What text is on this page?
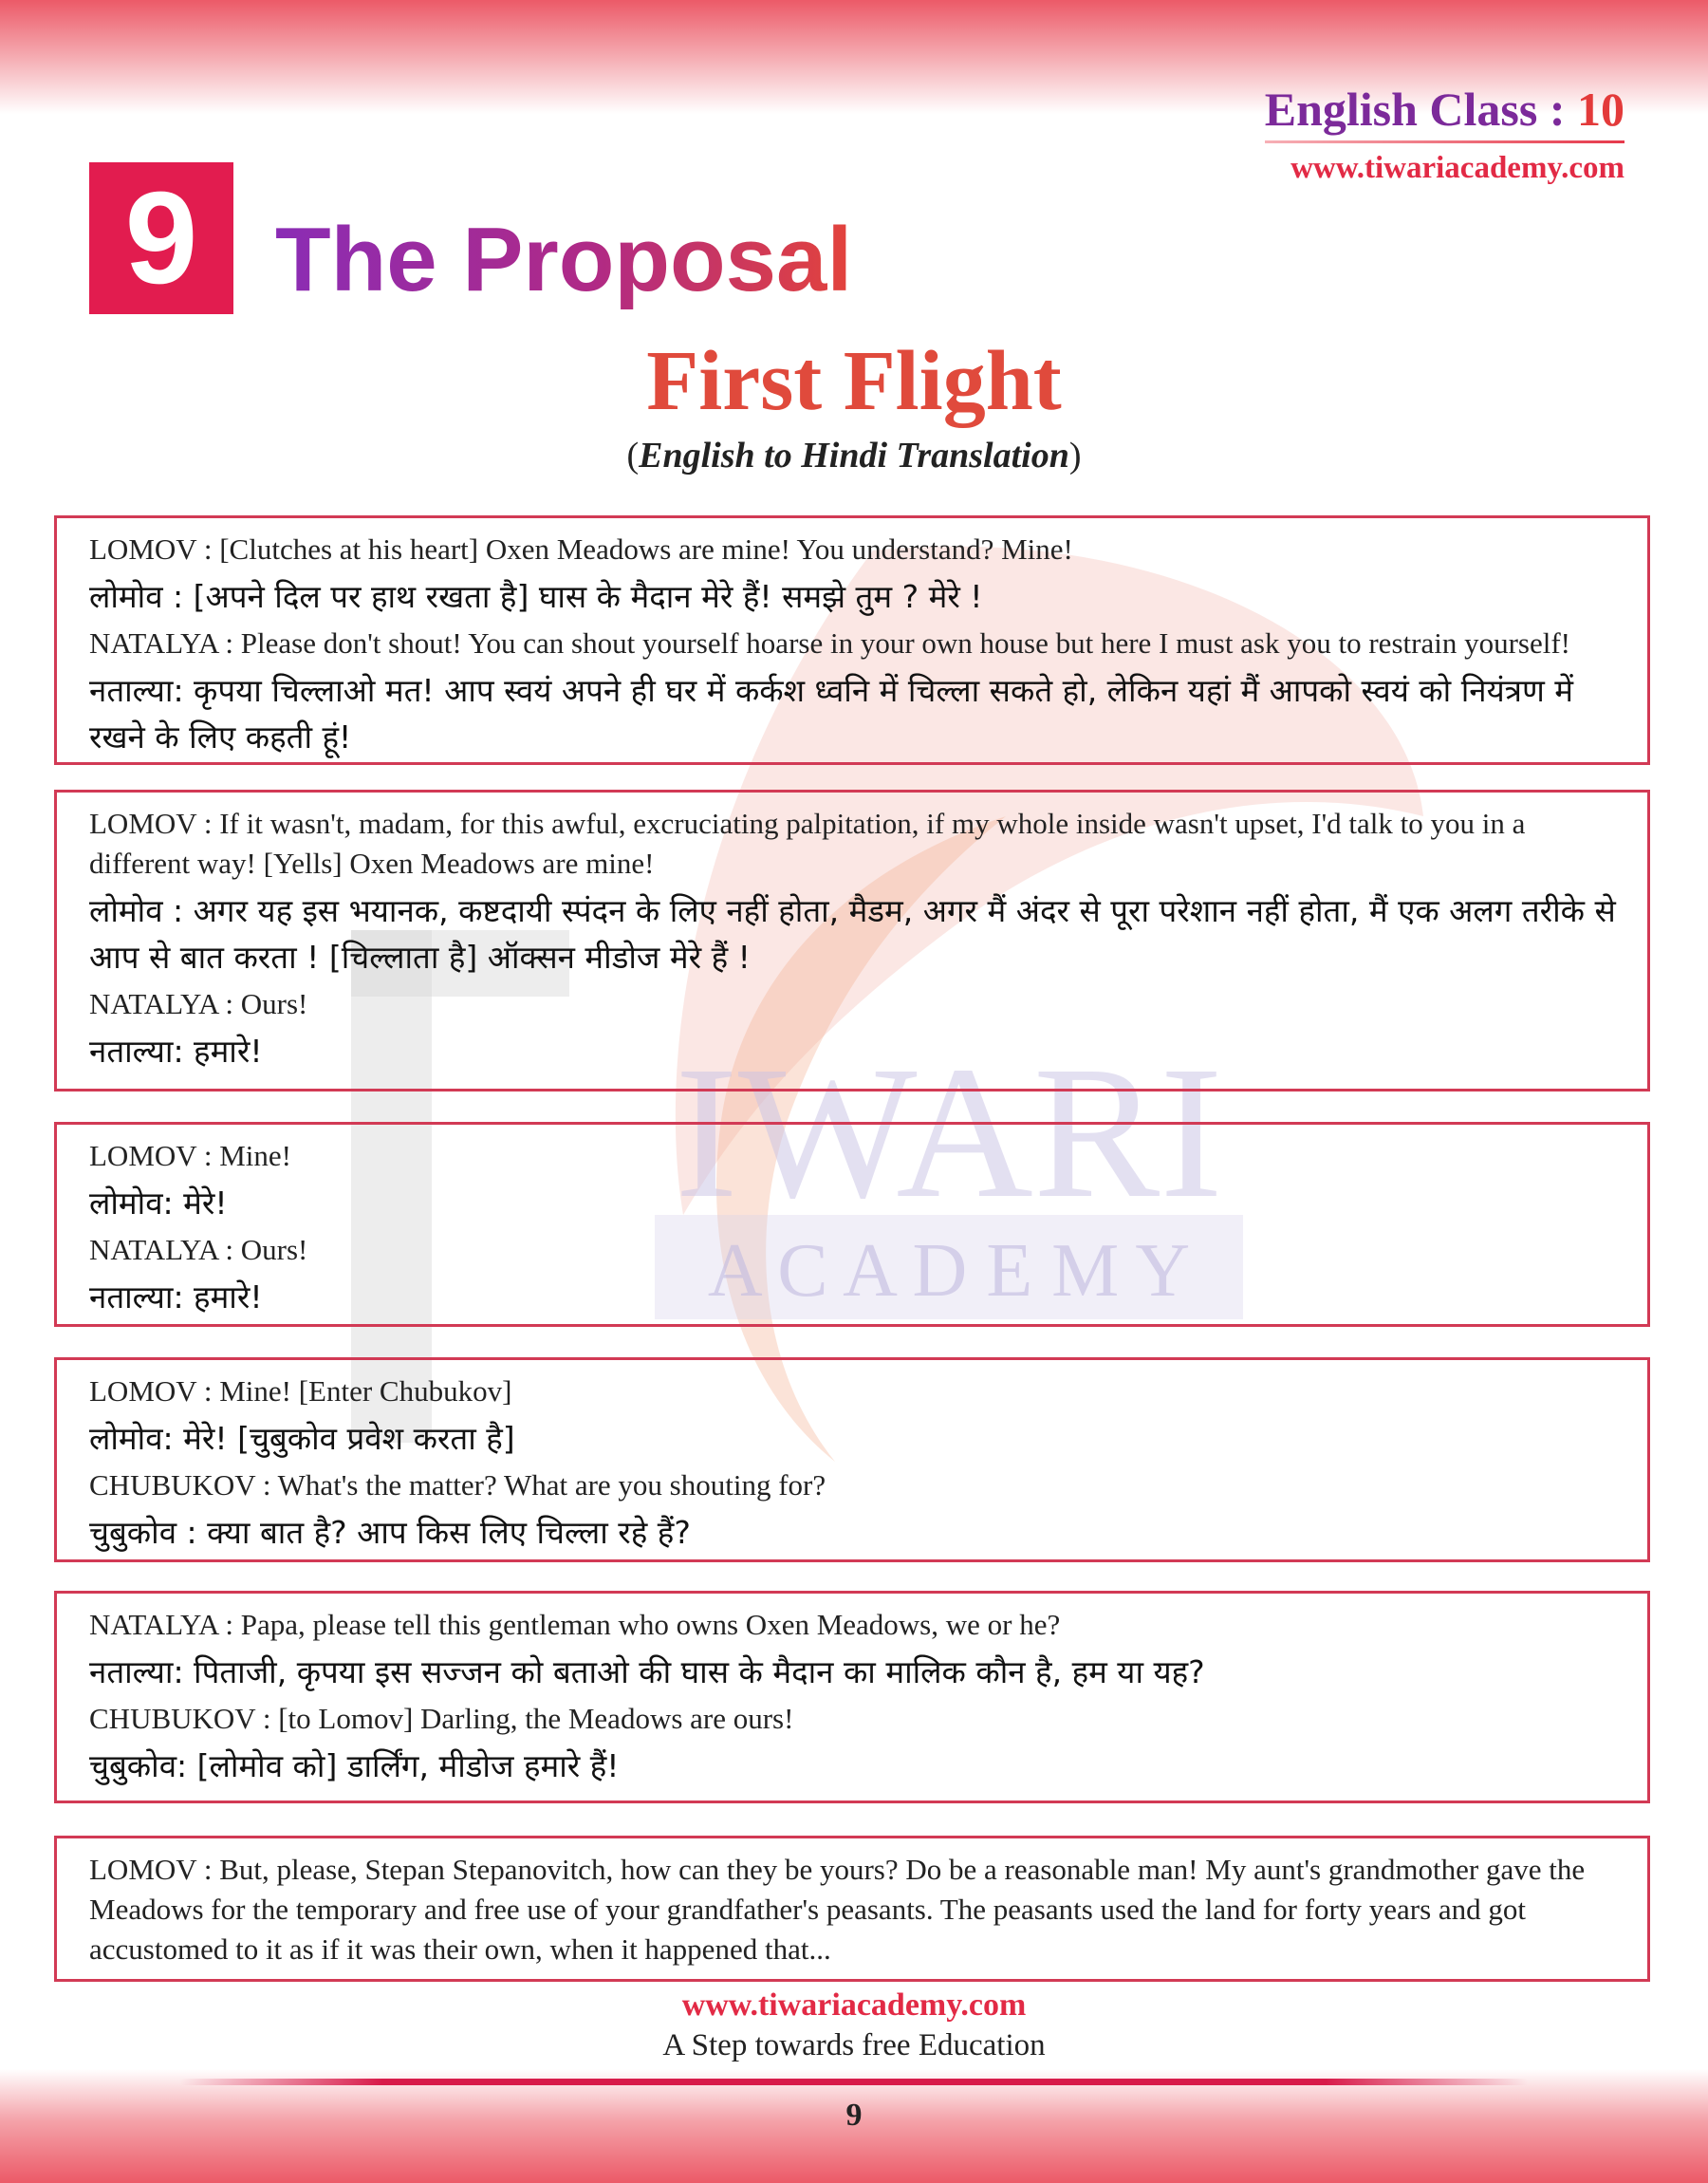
IWARI
A C A D E M Y
English Class : 10
www.tiwariacademy.com
9 The Proposal
First Flight
(English to Hindi Translation)

LOMOV : [Clutches at his heart] Oxen Meadows are mine! You understand? Mine!

लोमोव : [अपने दिल पर हाथ रखता है] घास के मैदान मेरे हैं! समझे तुम ? मेरे !

NATALYA : Please don't shout! You can shout yourself hoarse in your own house but here I must ask you to restrain yourself!

नताल्या: कृपया चिल्लाओ मत! आप स्वयं अपने ही घर में कर्कश ध्वनि में चिल्ला सकते हो, लेकिन यहां मैं आपको स्वयं को नियंत्रण में रखने के लिए कहती हूं!

LOMOV : If it wasn't, madam, for this awful, excruciating palpitation, if my whole inside wasn't upset, I'd talk to you in a different way! [Yells] Oxen Meadows are mine!

लोमोव : अगर यह इस भयानक, कष्टदायी स्पंदन के लिए नहीं होता, मैडम, अगर मैं अंदर से पूरा परेशान नहीं होता, मैं एक अलग तरीके से आप से बात करता ! [चिल्लाता है] ऑक्सन मीडोज मेरे हैं !

NATALYA : Ours!

नताल्या: हमारे!

LOMOV : Mine!

लोमोव: मेरे!

NATALYA : Ours!

नताल्या: हमारे!

LOMOV : Mine! [Enter Chubukov]

लोमोव: मेरे! [चुबुकोव प्रवेश करता है]

CHUBUKOV : What's the matter? What are you shouting for?

चुबुकोव : क्या बात है? आप किस लिए चिल्ला रहे हैं?

NATALYA : Papa, please tell this gentleman who owns Oxen Meadows, we or he?

नताल्या: पिताजी, कृपया इस सज्जन को बताओ की घास के मैदान का मालिक कौन है, हम या यह?

CHUBUKOV : [to Lomov] Darling, the Meadows are ours!

चुबुकोव: [लोमोव को] डार्लिंग, मीडोज हमारे हैं!

LOMOV : But, please, Stepan Stepanovitch, how can they be yours? Do be a reasonable man! My aunt's grandmother gave the Meadows for the temporary and free use of your grandfather's peasants. The peasants used the land for forty years and got accustomed to it as if it was their own, when it happened that...

www.tiwariacademy.com
A Step towards free Education
9
